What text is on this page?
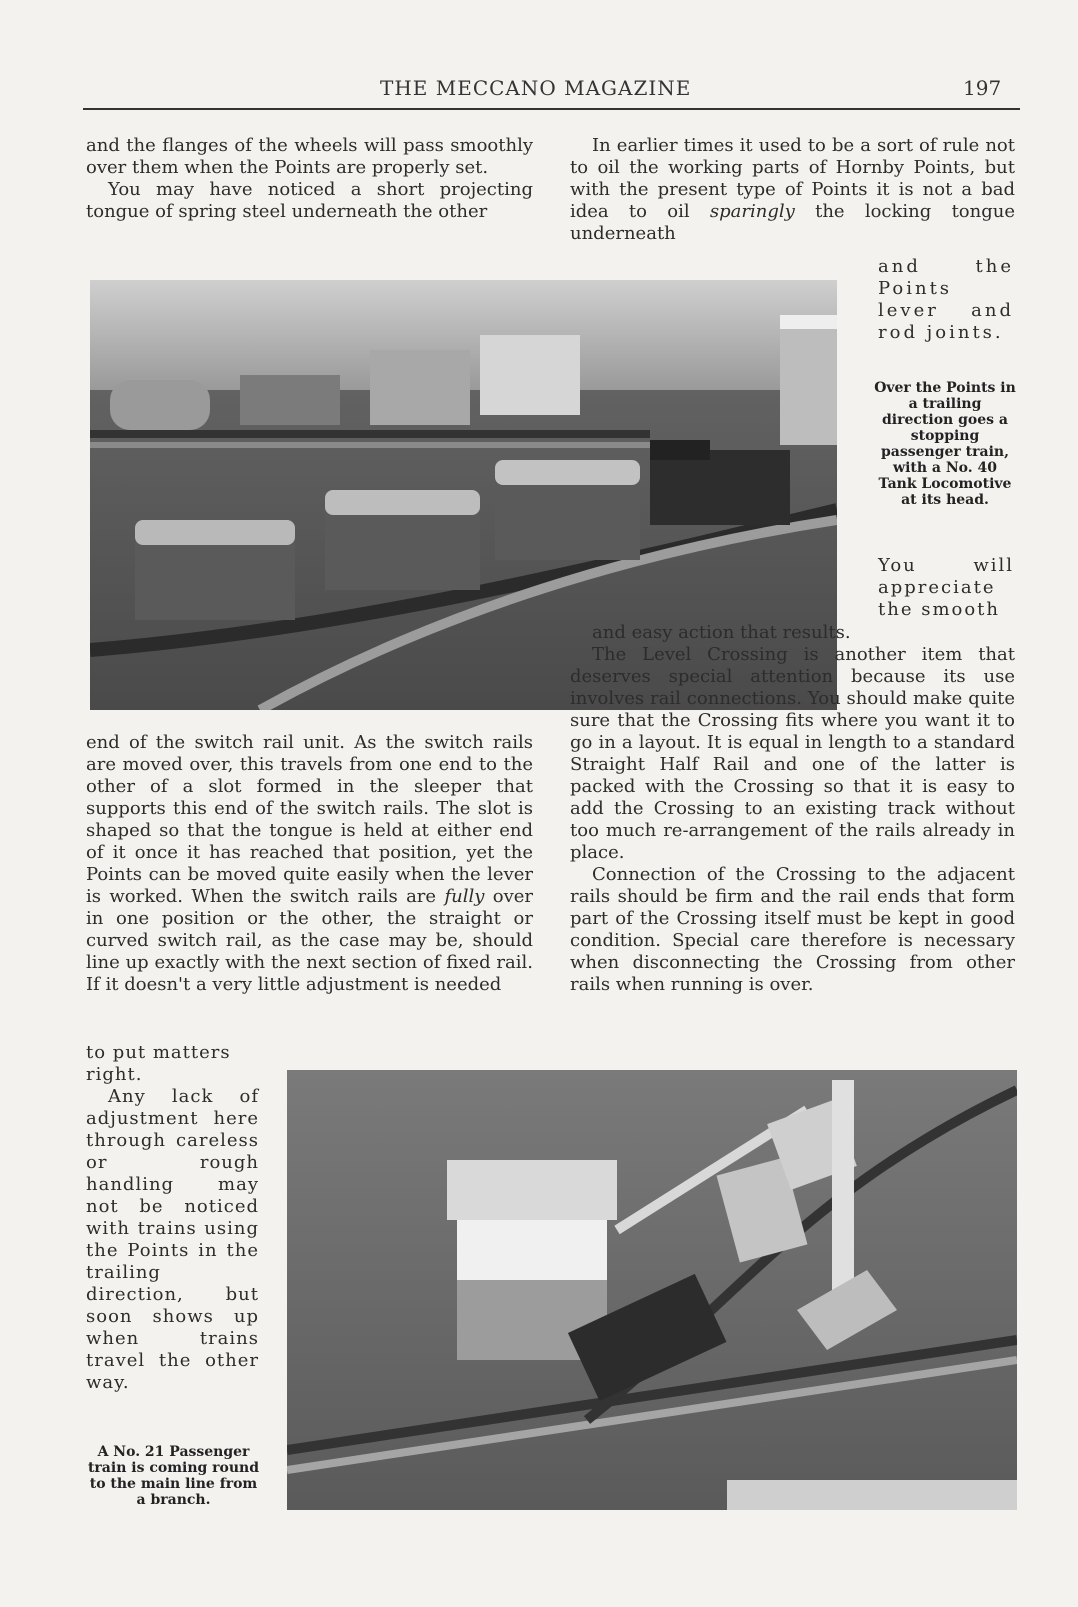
THE MECCANO MAGAZINE	197

and the flanges of the wheels will pass smoothly over them when the Points are properly set.

You may have noticed a short projecting tongue of spring steel underneath the other

In earlier times it used to be a sort of rule not to oil the working parts of Hornby Points, but with the present type of Points it is not a bad idea to oil sparingly the locking tongue underneath

and the Points lever and rod joints.

Over the Points in a trailing direction goes a stopping passenger train, with a No. 40 Tank Locomotive at its head.

You will appreciate the smooth

and easy action that results.

The Level Crossing is another item that deserves special attention because its use involves rail connections. You should make quite sure that the Crossing fits where you want it to go in a layout. It is equal in length to a standard Straight Half Rail and one of the latter is packed with the Crossing so that it is easy to add the Crossing to an existing track without too much re-arrangement of the rails already in place.

Connection of the Crossing to the adjacent rails should be firm and the rail ends that form part of the Crossing itself must be kept in good condition. Special care therefore is necessary when disconnecting the Crossing from other rails when running is over.

end of the switch rail unit. As the switch rails are moved over, this travels from one end to the other of a slot formed in the sleeper that supports this end of the switch rails. The slot is shaped so that the tongue is held at either end of it once it has reached that position, yet the Points can be moved quite easily when the lever is worked. When the switch rails are fully over in one position or the other, the straight or curved switch rail, as the case may be, should line up exactly with the next section of fixed rail. If it doesn't a very little adjustment is needed

to put matters right.

Any lack of adjustment here through careless or rough handling may not be noticed with trains using the Points in the trailing direction, but soon shows up when trains travel the other way.

A No. 21 Passenger train is coming round to the main line from a branch.
